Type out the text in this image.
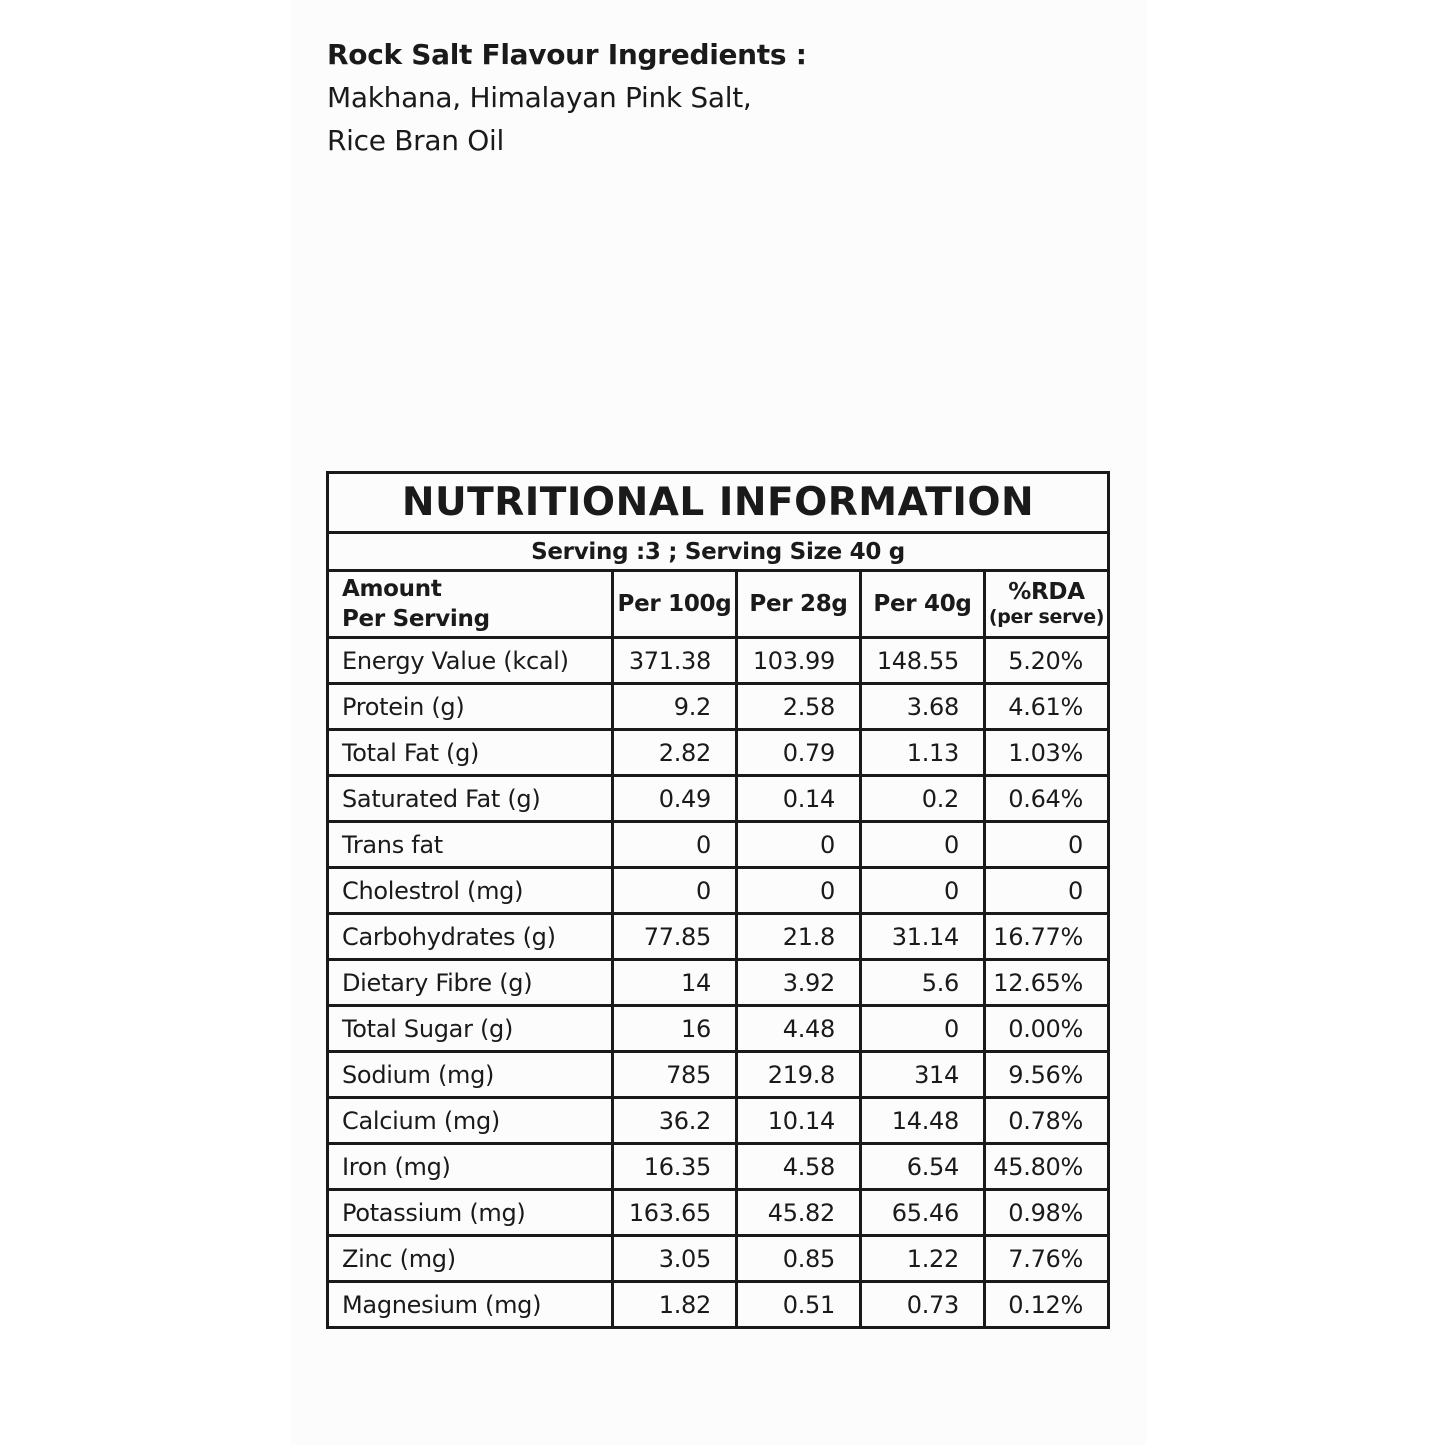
Rock Salt Flavour Ingredients :
Makhana, Himalayan Pink Salt,
Rice Bran Oil
NUTRITIONAL INFORMATION				
Serving :3 ; Serving Size 40 g				

Amount
Per Serving	Per 100g	Per 28g	Per 40g	%RDA
(per serve)

Energy Value (kcal)	371.38	103.99	148.55	5.20%
Protein (g)	9.2	2.58	3.68	4.61%
Total Fat (g)	2.82	0.79	1.13	1.03%
Saturated Fat (g)	0.49	0.14	0.2	0.64%
Trans fat	0	0	0	0
Cholestrol (mg)	0	0	0	0
Carbohydrates (g)	77.85	21.8	31.14	16.77%
Dietary Fibre (g)	14	3.92	5.6	12.65%
Total Sugar (g)	16	4.48	0	0.00%
Sodium (mg)	785	219.8	314	9.56%
Calcium (mg)	36.2	10.14	14.48	0.78%
Iron (mg)	16.35	4.58	6.54	45.80%
Potassium (mg)	163.65	45.82	65.46	0.98%
Zinc (mg)	3.05	0.85	1.22	7.76%
Magnesium (mg)	1.82	0.51	0.73	0.12%
